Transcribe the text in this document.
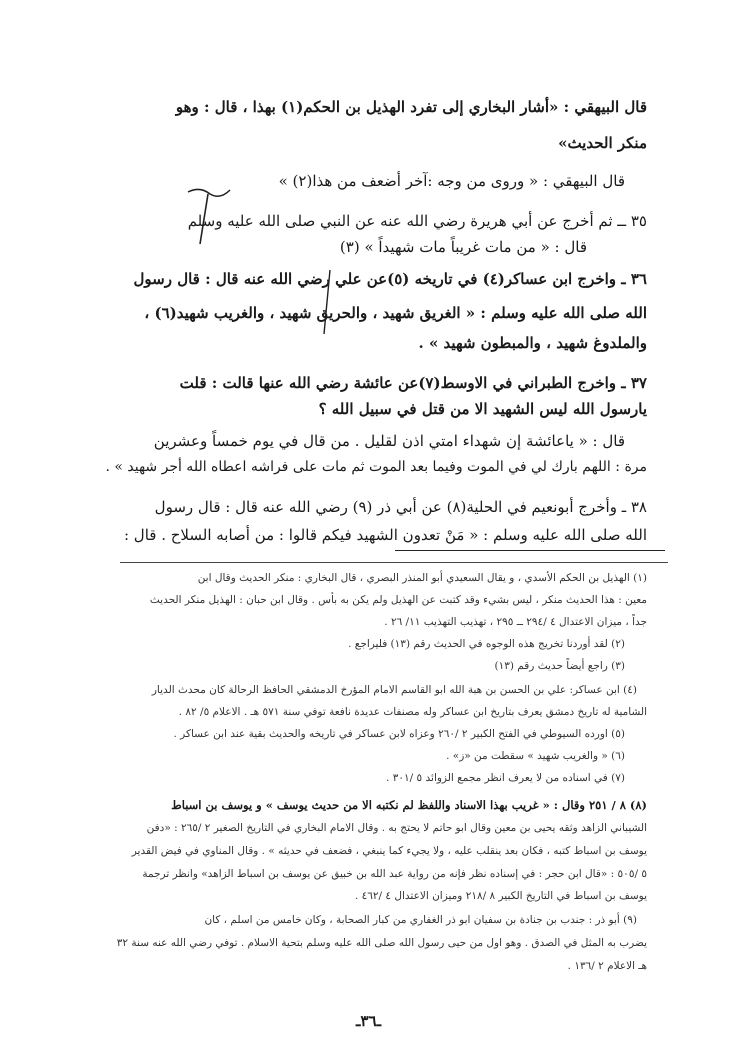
قال البيهقي : «أشار البخاري إلى تفرد الهذيل بن الحكم(١) بهذا ، قال : وهو
منكر الحديث»
قال البيهقي : « وروى من وجه :آخر أضعف من هذا(٢) »
٣٥ ــ ثم أخرج عن أبي هريرة رضي الله عنه عن النبي صلى الله عليه وسلم
قال : « من مات غريباً مات شهيداً » (٣)
٣٦ ـ واخرج ابن عساكر(٤) في تاريخه (٥)عن علي رضي الله عنه قال : قال رسول
الله صلى الله عليه وسلم : « الغريق شهيد ، والحريق شهيد ، والغريب شهيد(٦) ،
والملدوغ شهيد ، والمبطون شهيد » .
٣٧ ـ واخرج الطبراني في الاوسط(٧)عن عائشة رضي الله عنها قالت : قلت
يارسول الله ليس الشهيد الا من قتل في سبيل الله ؟
قال : « ياعائشة إن شهداء امتي اذن لقليل . من قال في يوم خمساً وعشرين
مرة : اللهم بارك لي في الموت وفيما بعد الموت ثم مات على فراشه اعطاه الله أجر شهيد » .
٣٨ ـ وأخرج أبونعيم في الحلية(٨) عن أبي ذر (٩) رضي الله عنه قال : قال رسول
الله صلى الله عليه وسلم : « مَنْ تعدون الشهيد فيكم قالوا : من أصابه السلاح . قال :
(١) الهذيل بن الحكم الأسدي ، و يقال السعيدي أبو المنذر البصري ، قال البخاري : منكر الحديث وقال ابن
معين : هذا الحديث منكر ، ليس بشيء وقد كتبت عن الهذيل ولم يكن به بأس . وقال ابن حبان : الهذيل منكر الحديث
جداً ، ميزان الاعتدال ٤ /٢٩٤ ــ ٢٩٥ ، تهذيب التهذيب ١١/ ٢٦ .
(٢) لقد أوردنا تخريج هذه الوجوه في الحديث رقم (١٣) فليراجع .
(٣) راجع أيضاً حديث رقم (١٣)
(٤) ابن عساكر: علي بن الحسن بن هبة الله ابو القاسم الامام المؤرخ الدمشقي الحافظ الرحالة كان محدث الديار
الشامية له تاريخ دمشق يعرف بتاريخ ابن عساكر وله مصنفات عديدة نافعة توفي سنة ٥٧١ هـ . الاعلام ٥/ ٨٢ .
(٥) اورده السيوطي في الفتح الكبير ٢ /٢٦٠ وعزاه لابن عساكر في تاريخه والحديث بقية عند ابن عساكر .
(٦) « والغريب شهيد » سقطت من «ز» .
(٧) في اسناده من لا يعرف انظر مجمع الزوائد ٥ /٣٠١ .
(٨) ٨ / ٢٥١ وقال : « غريب بهذا الاسناد واللفظ لم نكتبه الا من حديث يوسف » و يوسف بن اسباط
الشيباني الزاهد وثقه يحيى بن معين وقال ابو حاتم لا يحتج به . وقال الامام البخاري في التاريخ الصغير ٢ /٢٦٥ : «دفن
يوسف بن اسباط كتبه ، فكان بعد ينقلب عليه ، ولا يجيء كما ينبغي ، فضعف في حديثه » . وقال المناوي في فيض القدير
٥ /٥٠٥ : «قال ابن حجر : في إسناده نظر فإنه من رواية عبد الله بن خبيق عن يوسف بن اسباط الزاهد» وانظر ترجمة
يوسف بن اسباط في التاريخ الكبير ٨ /٢١٨ وميزان الاعتدال ٤ /٤٦٢ .
(٩) أبو ذر : جندب بن جنادة بن سفيان ابو ذر الغفاري من كبار الصحابة ، وكان خامس من اسلم ، كان
يضرب به المثل في الصدق . وهو اول من حيى رسول الله صلى الله عليه وسلم بتحية الاسلام . توفي رضي الله عنه سنة ٣٢
هـ الاعلام ٢ /١٣٦ .
ـ٣٦ـ
